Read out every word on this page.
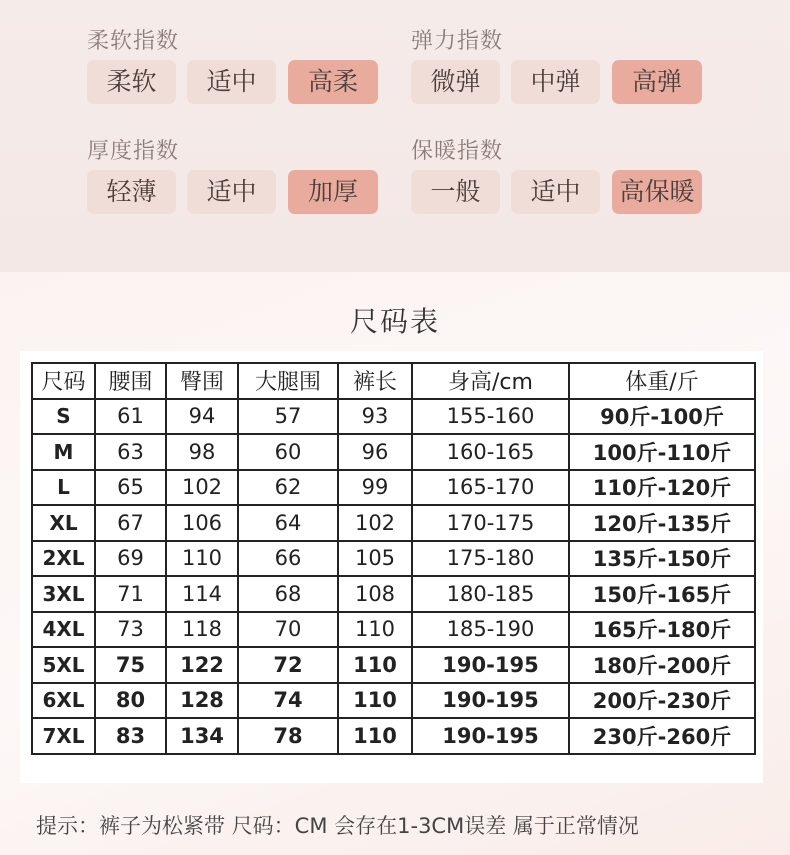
柔软指数
柔软	适中	高柔
弹力指数
微弹	中弹	高弹
厚度指数
轻薄	适中	加厚
保暖指数
一般	适中	高保暖
尺码表
尺码	腰围	臀围	大腿围	裤长	身高/cm	体重/斤
S	61	94	57	93	155-160	90斤-100斤
M	63	98	60	96	160-165	100斤-110斤
L	65	102	62	99	165-170	110斤-120斤
XL	67	106	64	102	170-175	120斤-135斤
2XL	69	110	66	105	175-180	135斤-150斤
3XL	71	114	68	108	180-185	150斤-165斤
4XL	73	118	70	110	185-190	165斤-180斤
5XL	75	122	72	110	190-195	180斤-200斤
6XL	80	128	74	110	190-195	200斤-230斤
7XL	83	134	78	110	190-195	230斤-260斤
提示：裤子为松紧带 尺码：CM 会存在1-3CM误差 属于正常情况
